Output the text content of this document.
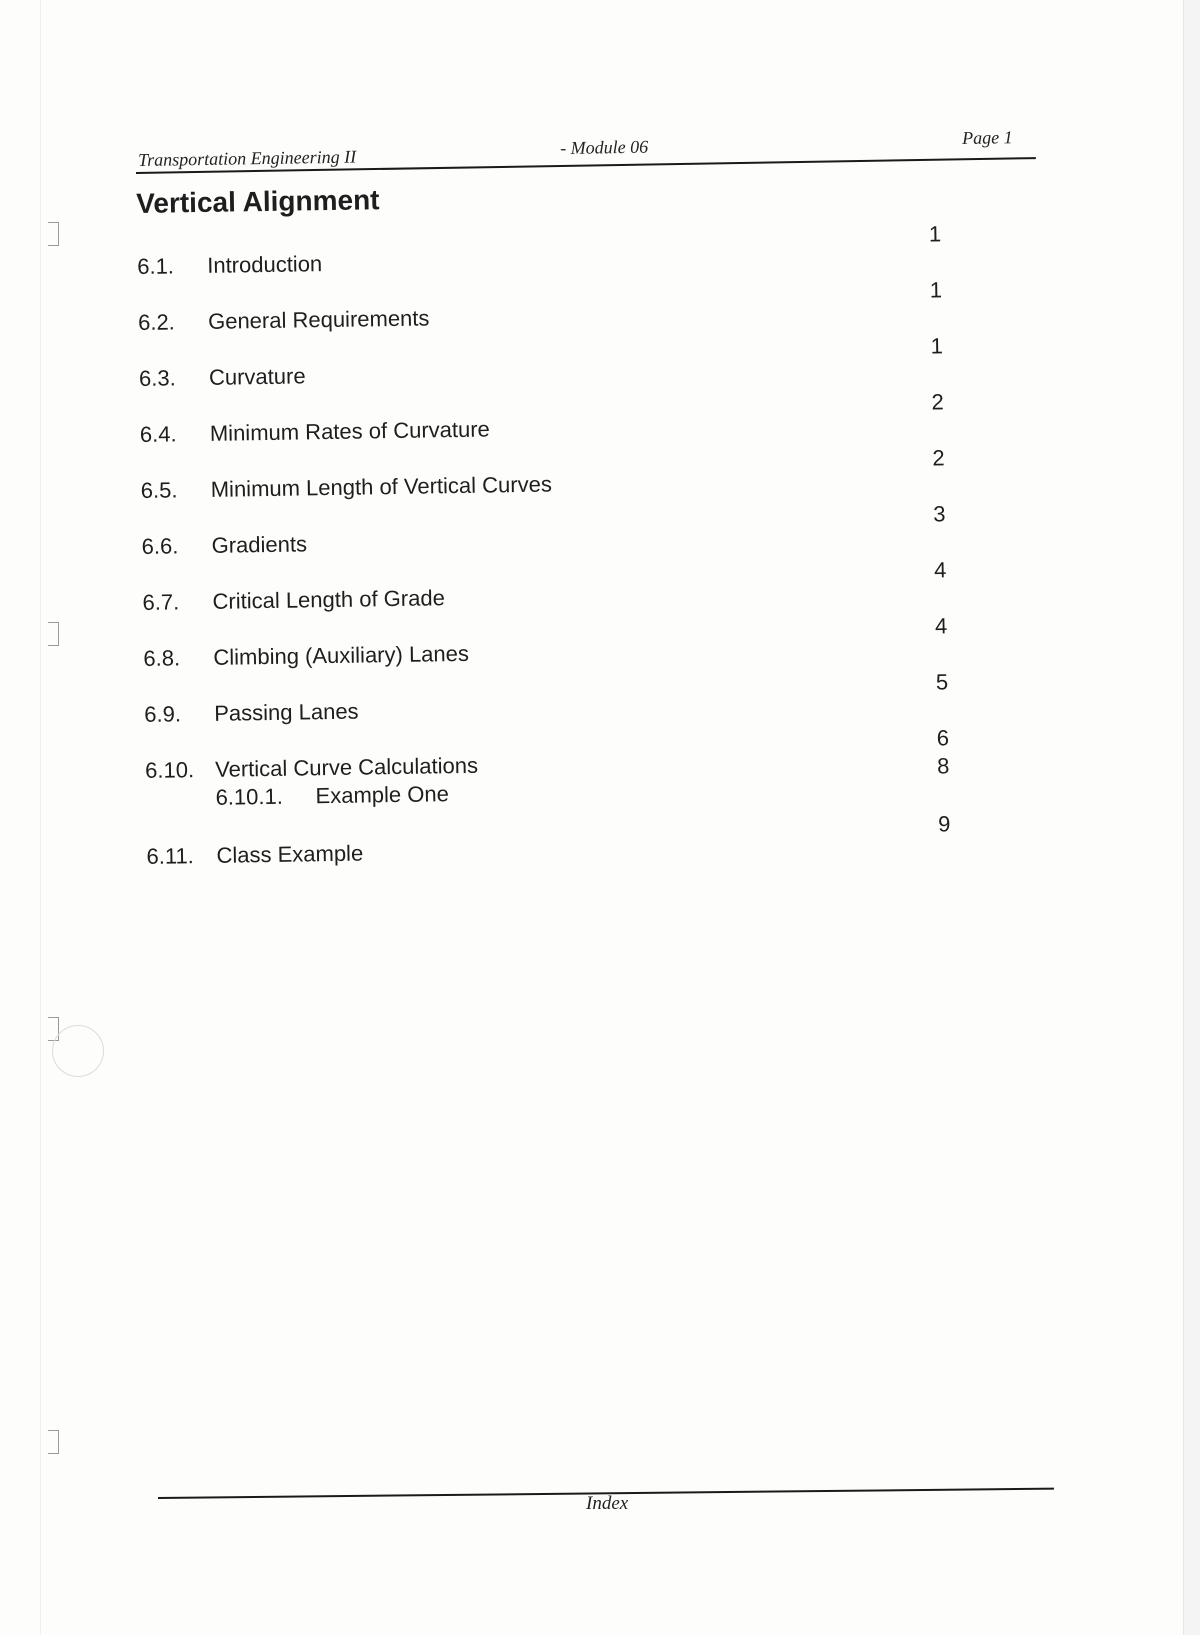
Transportation Engineering II	- Module 06	Page 1
Vertical Alignment
6.1. Introduction
1
6.2. General Requirements
1
6.3. Curvature
1
6.4. Minimum Rates of Curvature
2
6.5. Minimum Length of Vertical Curves
2
6.6. Gradients
3
6.7. Critical Length of Grade
4
6.8. Climbing (Auxiliary) Lanes
4
6.9. Passing Lanes
5
6.10. Vertical Curve Calculations
6
6.10.1. Example One
8
6.11. Class Example
9
Index
